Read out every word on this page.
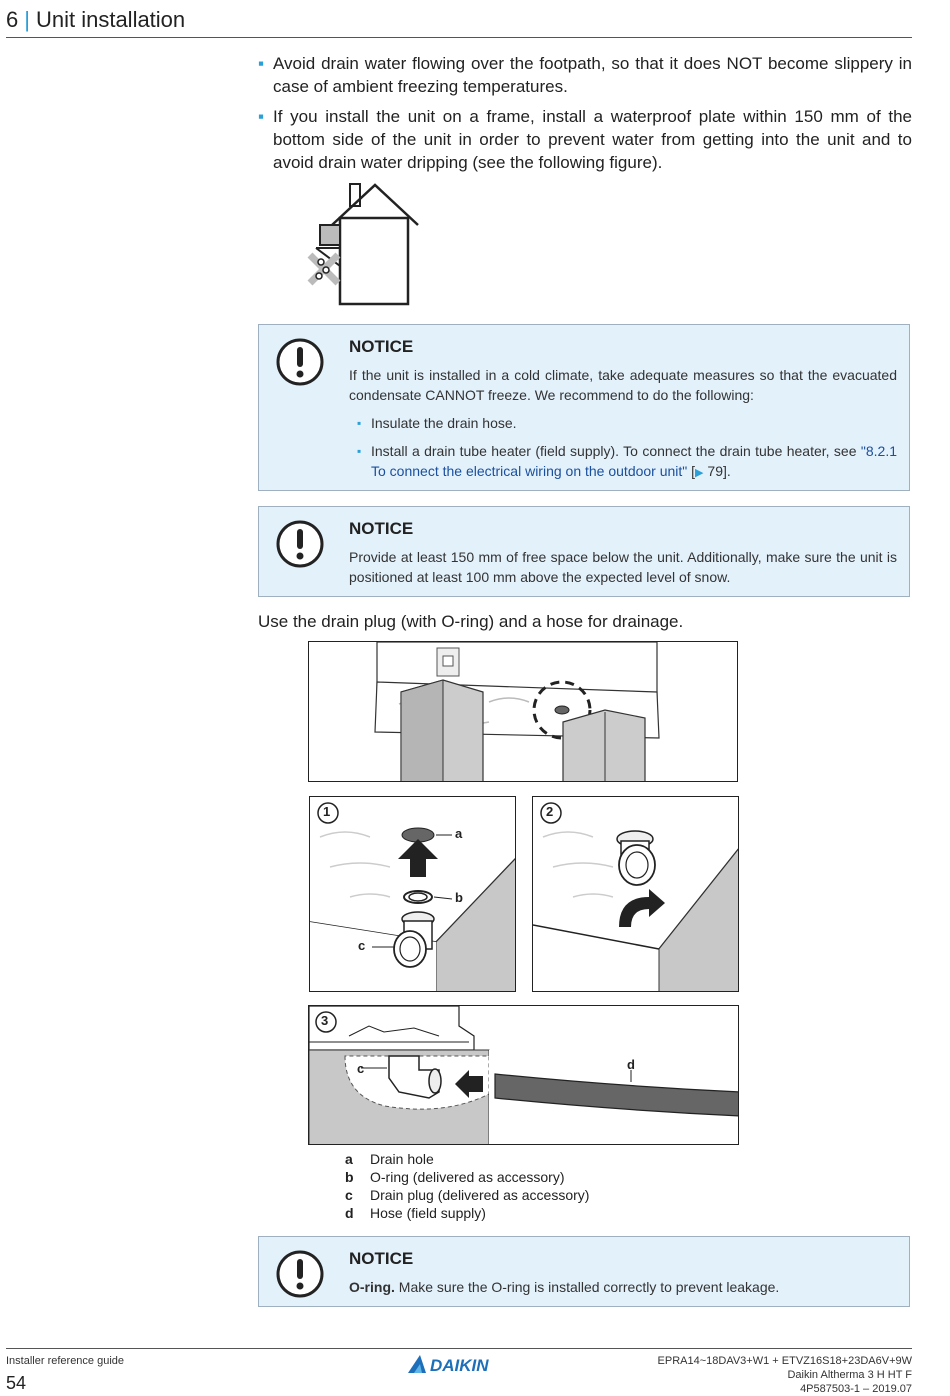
6 | Unit installation
▪ Avoid drain water flowing over the footpath, so that it does NOT become slippery in case of ambient freezing temperatures.
▪ If you install the unit on a frame, install a waterproof plate within 150 mm of the bottom side of the unit in order to prevent water from getting into the unit and to avoid drain water dripping (see the following figure).
NOTICE
If the unit is installed in a cold climate, take adequate measures so that the evacuated condensate CANNOT freeze. We recommend to do the following:
▪ Insulate the drain hose.
▪ Install a drain tube heater (field supply). To connect the drain tube heater, see "8.2.1 To connect the electrical wiring on the outdoor unit" [▶ 79].
NOTICE
Provide at least 150 mm of free space below the unit. Additionally, make sure the unit is positioned at least 100 mm above the expected level of snow.
Use the drain plug (with O-ring) and a hose for drainage.
1
a
b
c
2
3
c	d
a	Drain hole
b	O-ring (delivered as accessory)
c	Drain plug (delivered as accessory)
d	Hose (field supply)
NOTICE
O-ring. Make sure the O-ring is installed correctly to prevent leakage.
Installer reference guide
54
DAIKIN	EPRA14~18DAV3+W1 + ETVZ16S18+23DA6V+9W
Daikin Altherma 3 H HT F
4P587503-1 – 2019.07
